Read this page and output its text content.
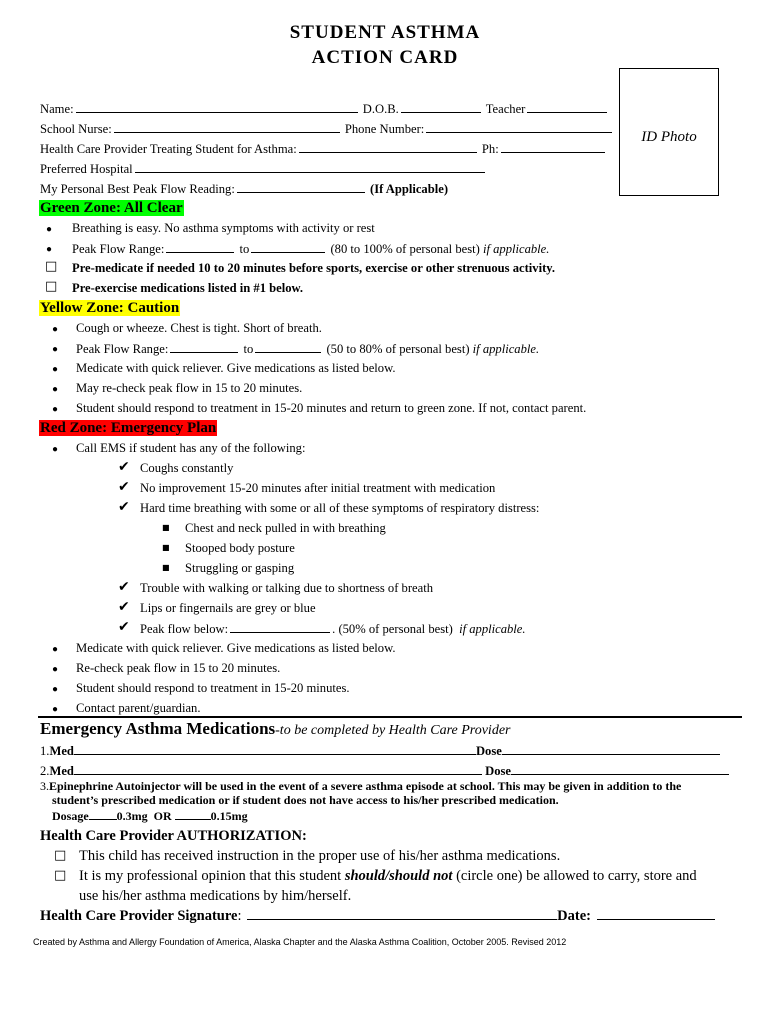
STUDENT ASTHMA
ACTION CARD
ID Photo
Name:	D.O.B.	Teacher
School Nurse:	Phone Number:
Health Care Provider Treating Student for Asthma:	Ph:
Preferred Hospital
My Personal Best Peak Flow Reading:	(If Applicable)
Green Zone: All Clear
● Breathing is easy. No asthma symptoms with activity or rest
● Peak Flow Range:	to	(80 to 100% of personal best) if applicable.
□ Pre-medicate if needed 10 to 20 minutes before sports, exercise or other strenuous activity.
□ Pre-exercise medications listed in #1 below.
Yellow Zone: Caution
● Cough or wheeze. Chest is tight. Short of breath.
● Peak Flow Range:	to	(50 to 80% of personal best) if applicable.
● Medicate with quick reliever. Give medications as listed below.
● May re-check peak flow in 15 to 20 minutes.
● Student should respond to treatment in 15-20 minutes and return to green zone. If not, contact parent.
Red Zone: Emergency Plan
● Call EMS if student has any of the following:
✔ Coughs constantly
✔ No improvement 15-20 minutes after initial treatment with medication
✔ Hard time breathing with some or all of these symptoms of respiratory distress:
■ Chest and neck pulled in with breathing
■ Stooped body posture
■ Struggling or gasping
✔ Trouble with walking or talking due to shortness of breath
✔ Lips or fingernails are grey or blue
✔ Peak flow below:	. (50% of personal best) if applicable.
● Medicate with quick reliever. Give medications as listed below.
● Re-check peak flow in 15 to 20 minutes.
● Student should respond to treatment in 15-20 minutes.
● Contact parent/guardian.
Emergency Asthma Medications-to be completed by Health Care Provider
1.Med	Dose
2.Med	Dose
3.Epinephrine Autoinjector will be used in the event of a severe asthma episode at school. This may be given in addition to the
student’s prescribed medication or if student does not have access to his/her prescribed medication.
Dosage 0.3mg OR	0.15mg
Health Care Provider AUTHORIZATION:
□ This child has received instruction in the proper use of his/her asthma medications.
□ It is my professional opinion that this student should/should not (circle one) be allowed to carry, store and
use his/her asthma medications by him/herself.
Health Care Provider Signature:	Date:
Created by Asthma and Allergy Foundation of America, Alaska Chapter and the Alaska Asthma Coalition, October 2005. Revised 2012
